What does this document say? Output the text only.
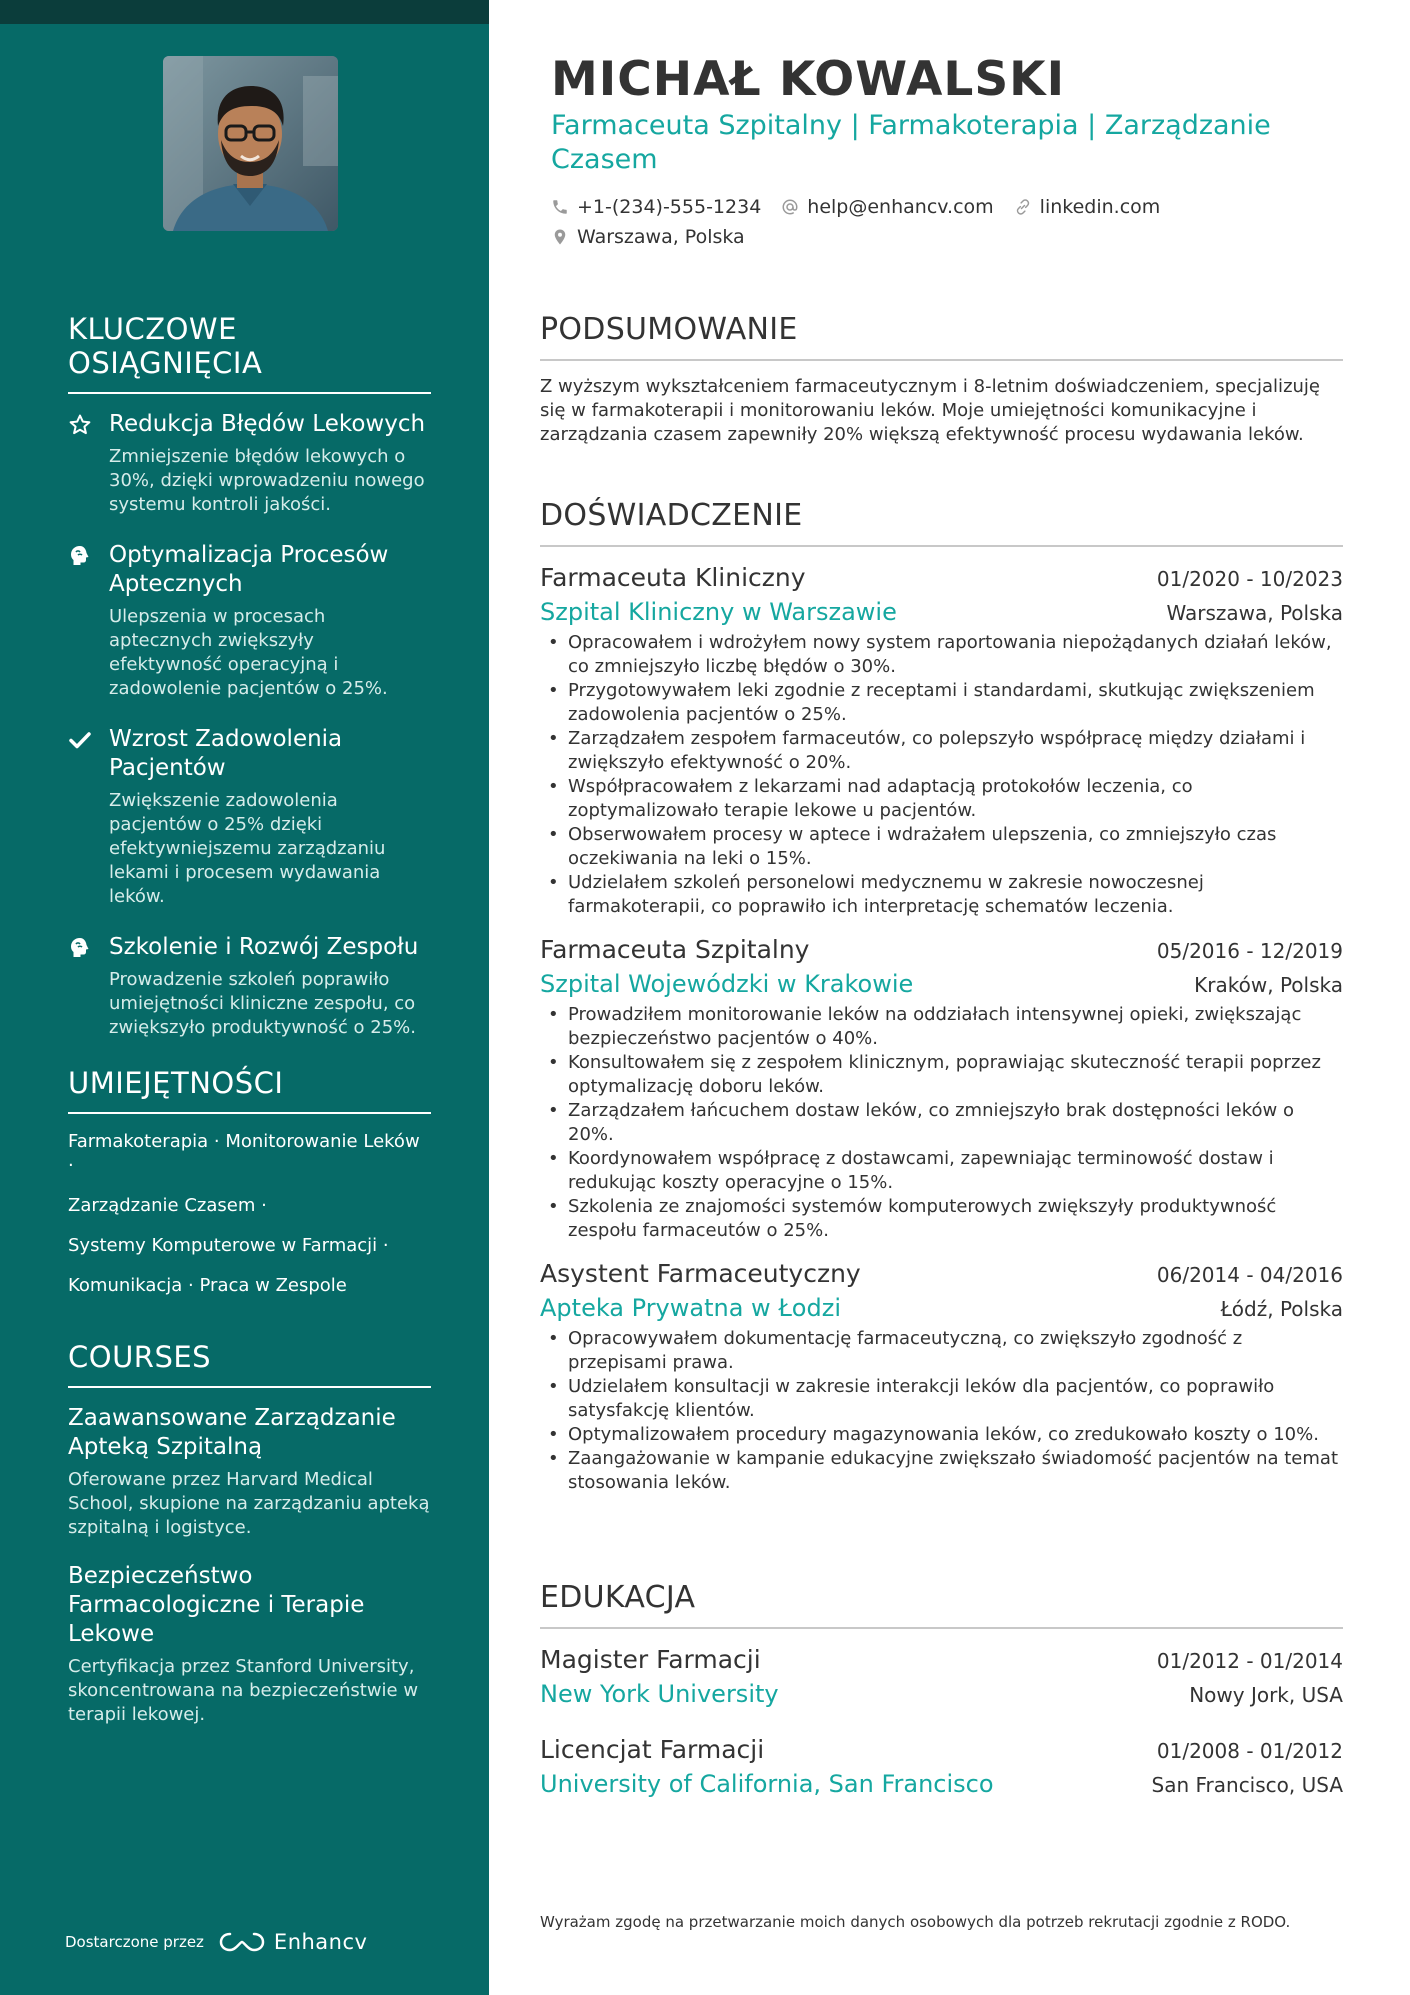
KLUCZOWE OSIĄGNIĘCIA
Redukcja Błędów Lekowych
Zmniejszenie błędów lekowych o 30%, dzięki wprowadzeniu nowego systemu kontroli jakości.
Optymalizacja Procesów Aptecznych
Ulepszenia w procesach aptecznych zwiększyły efektywność operacyjną i zadowolenie pacjentów o 25%.
Wzrost Zadowolenia Pacjentów
Zwiększenie zadowolenia pacjentów o 25% dzięki efektywniejszemu zarządzaniu lekami i procesem wydawania leków.
Szkolenie i Rozwój Zespołu
Prowadzenie szkoleń poprawiło umiejętności kliniczne zespołu, co zwiększyło produktywność o 25%.
UMIEJĘTNOŚCI
Farmakoterapia · Monitorowanie Leków ·
Zarządzanie Czasem ·
Systemy Komputerowe w Farmacji ·
Komunikacja · Praca w Zespole
COURSES
Zaawansowane Zarządzanie Apteką Szpitalną
Oferowane przez Harvard Medical School, skupione na zarządzaniu apteką szpitalną i logistyce.
Bezpieczeństwo Farmacologiczne i Terapie Lekowe
Certyfikacja przez Stanford University, skoncentrowana na bezpieczeństwie w terapii lekowej.
Dostarczone przez	Enhancv
MICHAŁ KOWALSKI
Farmaceuta Szpitalny | Farmakoterapia | Zarządzanie Czasem
+1-(234)-555-1234 help@enhancv.com linkedin.com
Warszawa, Polska
PODSUMOWANIE
Z wyższym wykształceniem farmaceutycznym i 8-letnim doświadczeniem, specjalizuję się w farmakoterapii i monitorowaniu leków. Moje umiejętności komunikacyjne i zarządzania czasem zapewniły 20% większą efektywność procesu wydawania leków.
DOŚWIADCZENIE
Farmaceuta Kliniczny	01/2020 - 10/2023
Szpital Kliniczny w Warszawie	Warszawa, Polska
• Opracowałem i wdrożyłem nowy system raportowania niepożądanych działań leków, co zmniejszyło liczbę błędów o 30%.
• Przygotowywałem leki zgodnie z receptami i standardami, skutkując zwiększeniem zadowolenia pacjentów o 25%.
• Zarządzałem zespołem farmaceutów, co polepszyło współpracę między działami i zwiększyło efektywność o 20%.
• Współpracowałem z lekarzami nad adaptacją protokołów leczenia, co zoptymalizowało terapie lekowe u pacjentów.
• Obserwowałem procesy w aptece i wdrażałem ulepszenia, co zmniejszyło czas oczekiwania na leki o 15%.
• Udzielałem szkoleń personelowi medycznemu w zakresie nowoczesnej farmakoterapii, co poprawiło ich interpretację schematów leczenia.
Farmaceuta Szpitalny	05/2016 - 12/2019
Szpital Wojewódzki w Krakowie	Kraków, Polska
• Prowadziłem monitorowanie leków na oddziałach intensywnej opieki, zwiększając bezpieczeństwo pacjentów o 40%.
• Konsultowałem się z zespołem klinicznym, poprawiając skuteczność terapii poprzez optymalizację doboru leków.
• Zarządzałem łańcuchem dostaw leków, co zmniejszyło brak dostępności leków o 20%.
• Koordynowałem współpracę z dostawcami, zapewniając terminowość dostaw i redukując koszty operacyjne o 15%.
• Szkolenia ze znajomości systemów komputerowych zwiększyły produktywność zespołu farmaceutów o 25%.
Asystent Farmaceutyczny	06/2014 - 04/2016
Apteka Prywatna w Łodzi	Łódź, Polska
• Opracowywałem dokumentację farmaceutyczną, co zwiększyło zgodność z przepisami prawa.
• Udzielałem konsultacji w zakresie interakcji leków dla pacjentów, co poprawiło satysfakcję klientów.
• Optymalizowałem procedury magazynowania leków, co zredukowało koszty o 10%.
• Zaangażowanie w kampanie edukacyjne zwiększało świadomość pacjentów na temat stosowania leków.
EDUKACJA
Magister Farmacji	01/2012 - 01/2014
New York University	Nowy Jork, USA
Licencjat Farmacji	01/2008 - 01/2012
University of California, San Francisco	San Francisco, USA
Wyrażam zgodę na przetwarzanie moich danych osobowych dla potrzeb rekrutacji zgodnie z RODO.
